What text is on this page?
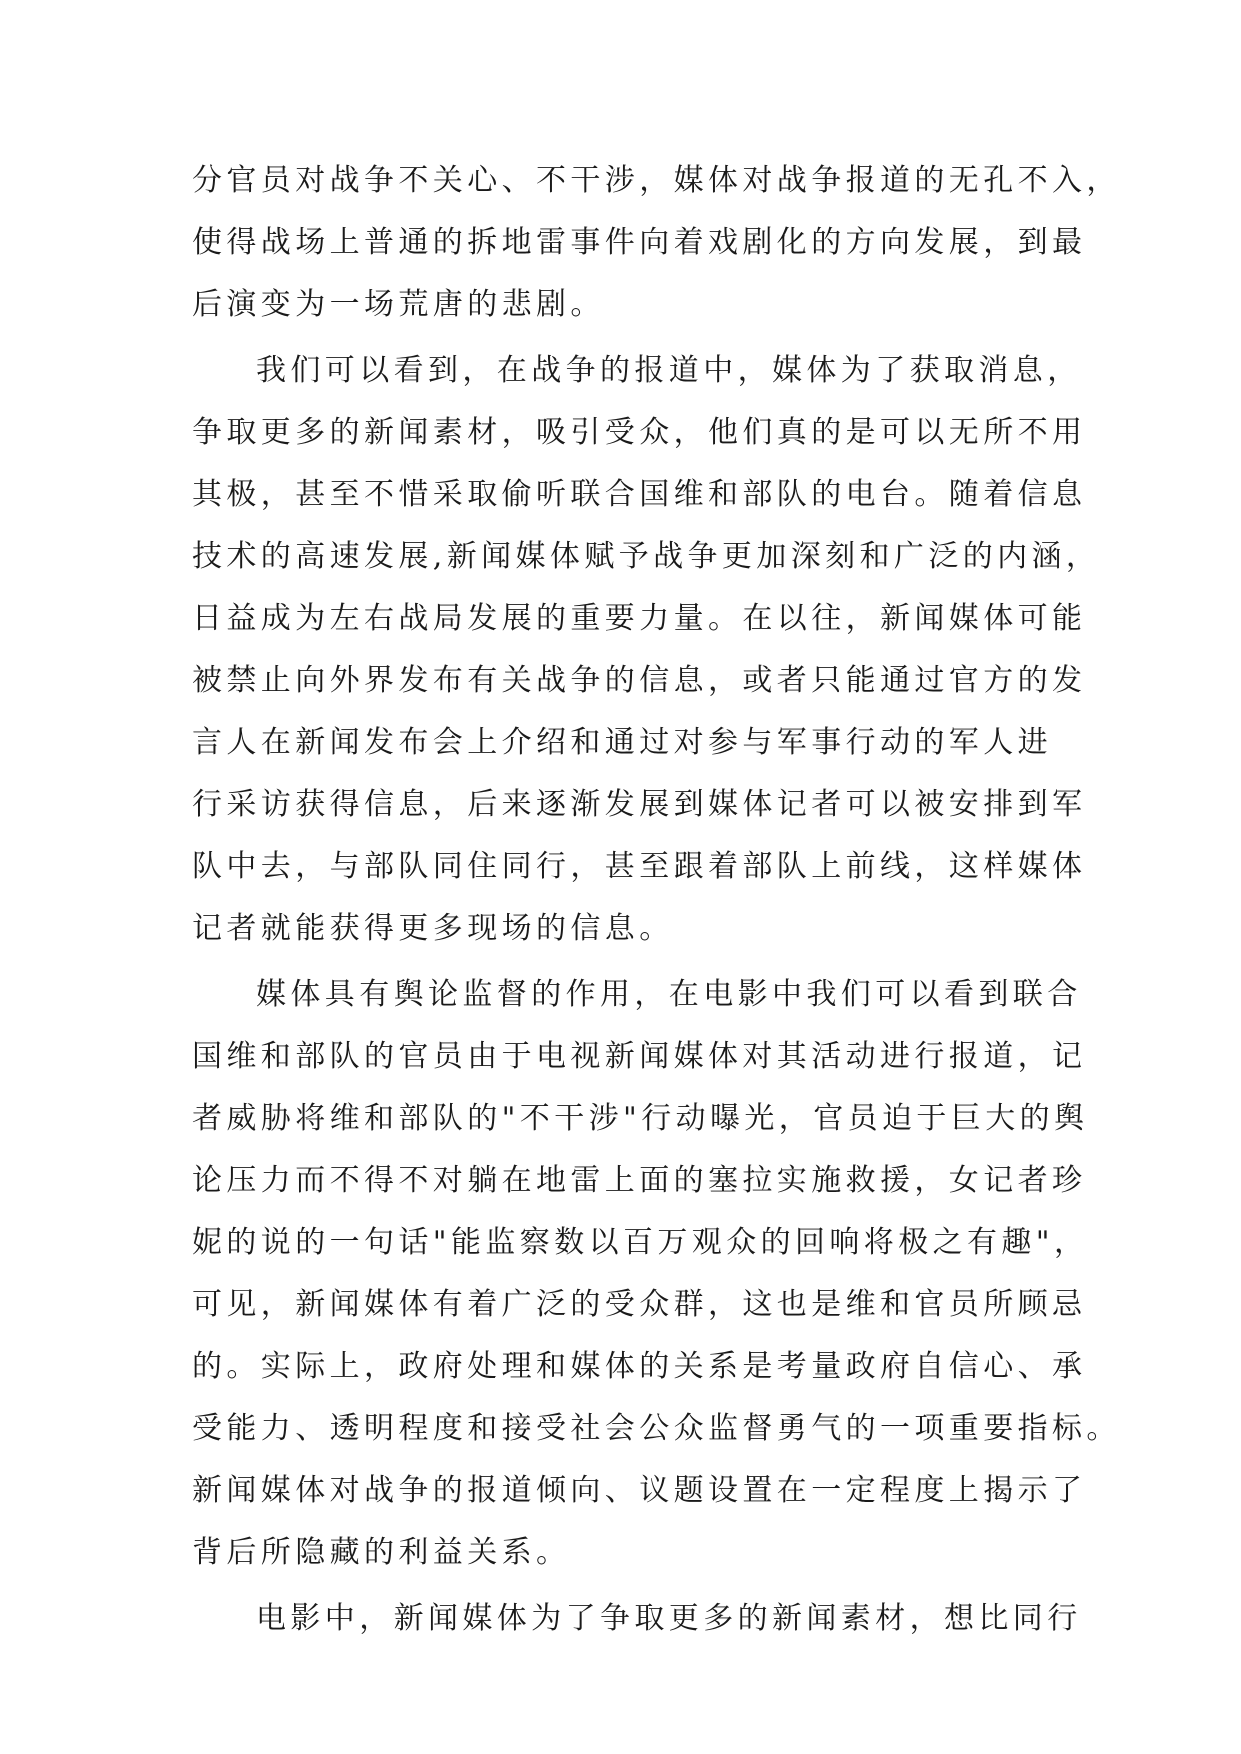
分官员对战争不关心、不干涉，媒体对战争报道的无孔不入，
使得战场上普通的拆地雷事件向着戏剧化的方向发展，到最
后演变为一场荒唐的悲剧。
我们可以看到，在战争的报道中，媒体为了获取消息，
争取更多的新闻素材，吸引受众，他们真的是可以无所不用
其极，甚至不惜采取偷听联合国维和部队的电台。随着信息
技术的高速发展,新闻媒体赋予战争更加深刻和广泛的内涵，
日益成为左右战局发展的重要力量。在以往，新闻媒体可能
被禁止向外界发布有关战争的信息，或者只能通过官方的发
言人在新闻发布会上介绍和通过对参与军事行动的军人进
行采访获得信息，后来逐渐发展到媒体记者可以被安排到军
队中去，与部队同住同行，甚至跟着部队上前线，这样媒体
记者就能获得更多现场的信息。
媒体具有舆论监督的作用，在电影中我们可以看到联合
国维和部队的官员由于电视新闻媒体对其活动进行报道，记
者威胁将维和部队的"不干涉"行动曝光，官员迫于巨大的舆
论压力而不得不对躺在地雷上面的塞拉实施救援，女记者珍
妮的说的一句话"能监察数以百万观众的回响将极之有趣"，
可见，新闻媒体有着广泛的受众群，这也是维和官员所顾忌
的。实际上，政府处理和媒体的关系是考量政府自信心、承
受能力、透明程度和接受社会公众监督勇气的一项重要指标。
新闻媒体对战争的报道倾向、议题设置在一定程度上揭示了
背后所隐藏的利益关系。
电影中，新闻媒体为了争取更多的新闻素材，想比同行
